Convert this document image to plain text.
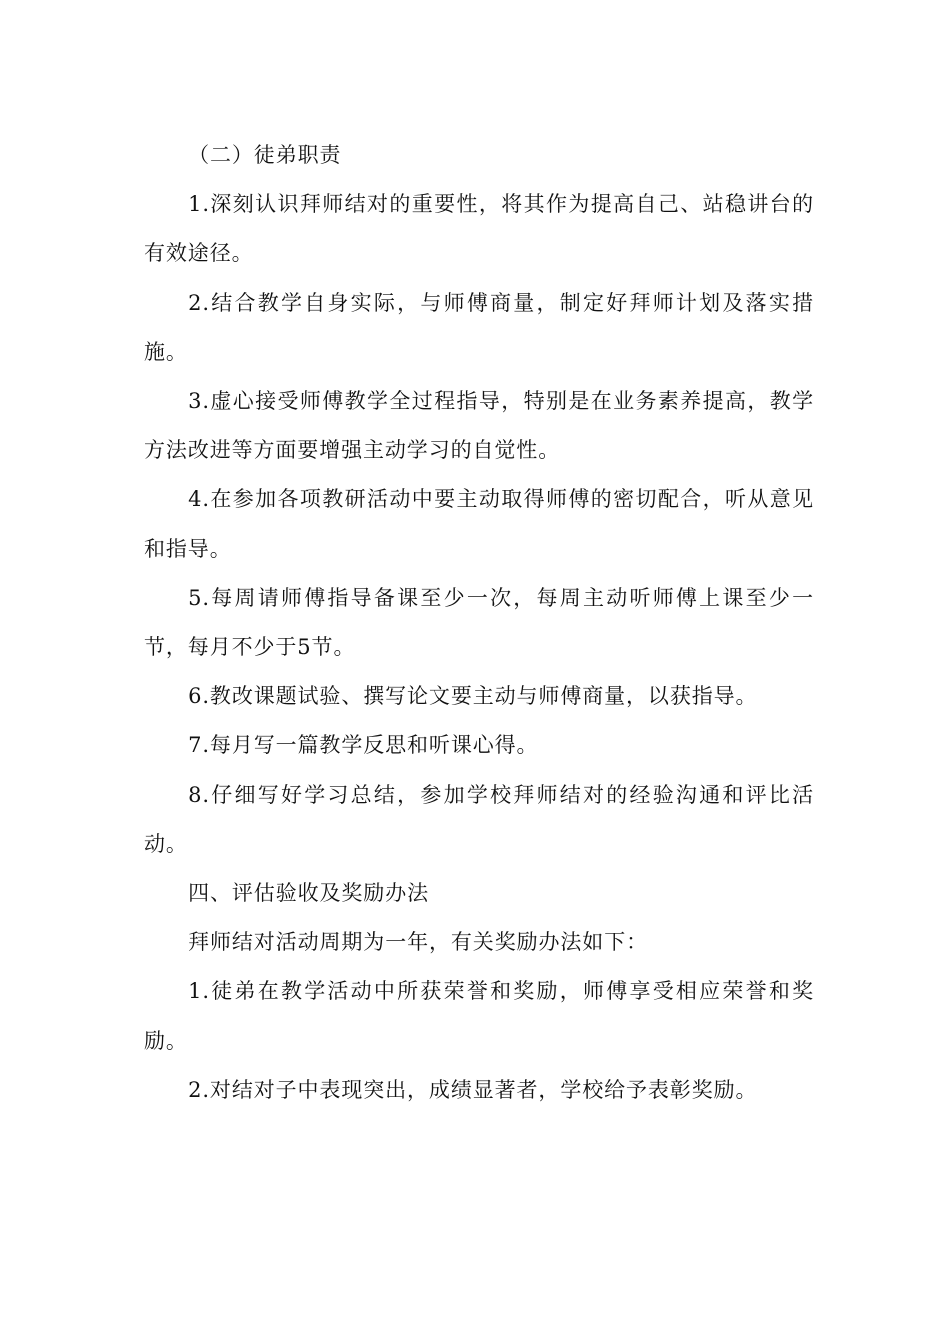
（二）徒弟职责

1.深刻认识拜师结对的重要性，将其作为提高自己、站稳讲台的有效途径。

2.结合教学自身实际，与师傅商量，制定好拜师计划及落实措施。

3.虚心接受师傅教学全过程指导，特别是在业务素养提高，教学方法改进等方面要增强主动学习的自觉性。

4.在参加各项教研活动中要主动取得师傅的密切配合，听从意见和指导。

5.每周请师傅指导备课至少一次，每周主动听师傅上课至少一节，每月不少于5节。

6.教改课题试验、撰写论文要主动与师傅商量，以获指导。

7.每月写一篇教学反思和听课心得。

8.仔细写好学习总结，参加学校拜师结对的经验沟通和评比活动。

四、评估验收及奖励办法

拜师结对活动周期为一年，有关奖励办法如下：

1.徒弟在教学活动中所获荣誉和奖励，师傅享受相应荣誉和奖励。

2.对结对子中表现突出，成绩显著者，学校给予表彰奖励。
